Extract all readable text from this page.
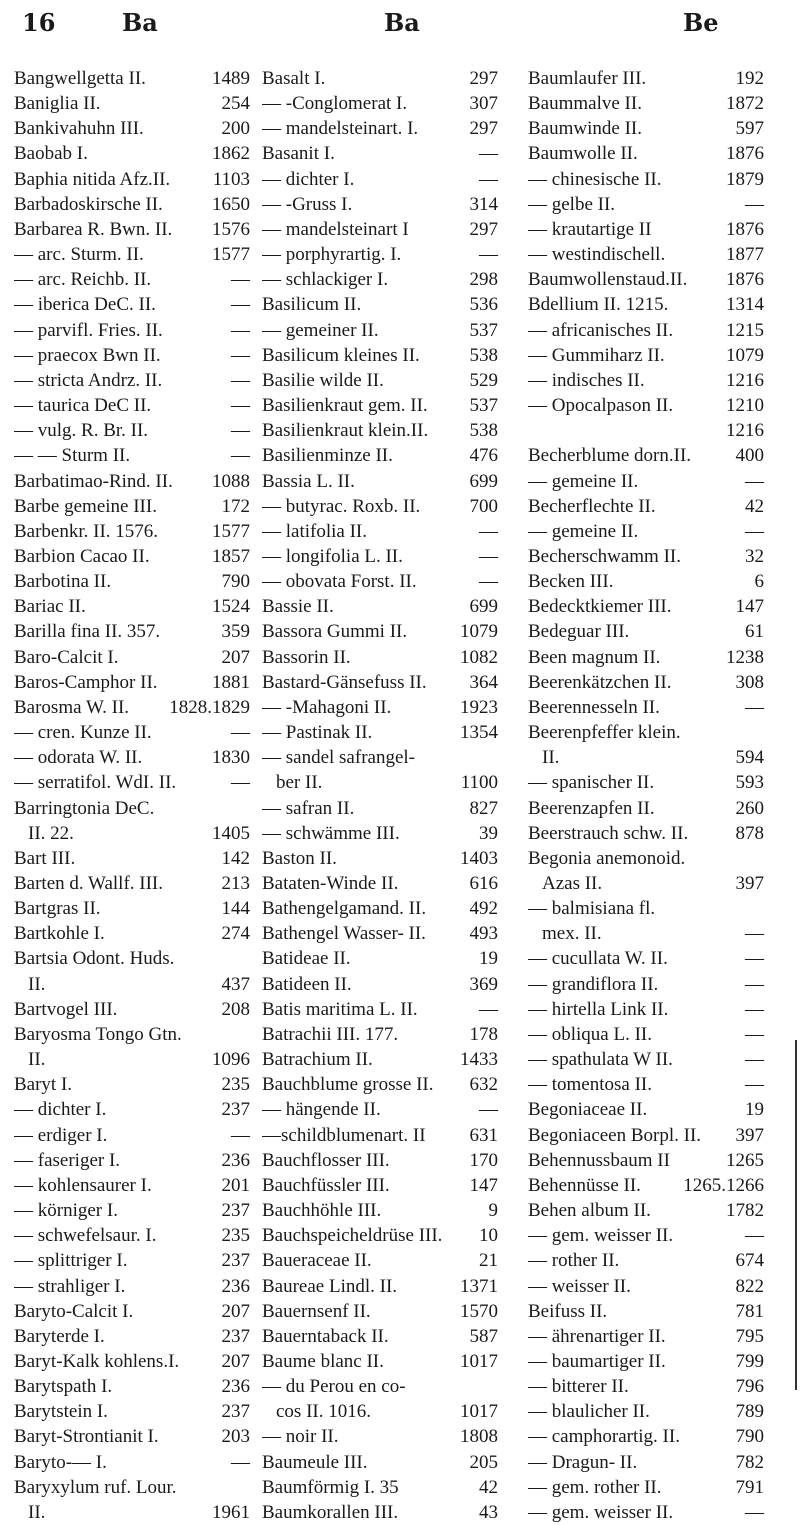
16	Ba	Ba	Be
Bangwellgetta II.	1489
Baniglia II.	254
Bankivahuhn III.	200
Baobab I.	1862
Baphia nitida Afz.II.	1103
Barbadoskirsche II.	1650
Barbarea R. Bwn. II.	1576
— arc. Sturm. II.	1577
— arc. Reichb. II.	—
— iberica DeC. II.	—
— parvifl. Fries. II.	—
— praecox Bwn II.	—
— stricta Andrz. II.	—
— taurica DeC II.	—
— vulg. R. Br. II.	—
— — Sturm II.	—
Barbatimao-Rind. II.	1088
Barbe gemeine III.	172
Barbenkr. II. 1576.	1577
Barbion Cacao II.	1857
Barbotina II.	790
Bariac II.	1524
Barilla fina II. 357.	359
Baro-Calcit I.	207
Baros-Camphor II.	1881
Barosma W. II.	1828.1829
— cren. Kunze II.	—
— odorata W. II.	1830
— serratifol. WdI. II.	—
Barringtonia DeC.
II. 22.	1405
Bart III.	142
Barten d. Wallf. III.	213
Bartgras II.	144
Bartkohle I.	274
Bartsia Odont. Huds.
II.	437
Bartvogel III.	208
Baryosma Tongo Gtn.
II.	1096
Baryt I.	235
— dichter I.	237
— erdiger I.	—
— faseriger I.	236
— kohlensaurer I.	201
— körniger I.	237
— schwefelsaur. I.	235
— splittriger I.	237
— strahliger I.	236
Baryto-Calcit I.	207
Baryterde I.	237
Baryt-Kalk kohlens.I.	207
Barytspath I.	236
Barytstein I.	237
Baryt-Strontianit I.	203
Baryto-— I.	—
Baryxylum ruf. Lour.
II.	1961
Basalt I.	297
— -Conglomerat I.	307
— mandelsteinart. I.	297
Basanit I.	—
— dichter I.	—
— -Gruss I.	314
— mandelsteinart I	297
— porphyrartig. I.	—
— schlackiger I.	298
Basilicum II.	536
— gemeiner II.	537
Basilicum kleines II.	538
Basilie wilde II.	529
Basilienkraut gem. II.	537
Basilienkraut klein.II.	538
Basilienminze II.	476
Bassia L. II.	699
— butyrac. Roxb. II.	700
— latifolia II.	—
— longifolia L. II.	—
— obovata Forst. II.	—
Bassie II.	699
Bassora Gummi II.	1079
Bassorin II.	1082
Bastard-Gänsefuss II.	364
— -Mahagoni II.	1923
— Pastinak II.	1354
— sandel safrangel-
ber II.	1100
— safran II.	827
— schwämme III.	39
Baston II.	1403
Bataten-Winde II.	616
Bathengelgamand. II.	492
Bathengel Wasser- II.	493
Batideae II.	19
Batideen II.	369
Batis maritima L. II.	—
Batrachii III. 177.	178
Batrachium II.	1433
Bauchblume grosse II.	632
— hängende II.	—
—schildblumenart. II	631
Bauchflosser III.	170
Bauchfüssler III.	147
Bauchhöhle III.	9
Bauchspeicheldrüse III.	10
Baueraceae II.	21
Baureae Lindl. II.	1371
Bauernsenf II.	1570
Bauerntaback II.	587
Baume blanc II.	1017
— du Perou en co-
cos II. 1016.	1017
— noir II.	1808
Baumeule III.	205
Baumförmig I. 35	42
Baumkorallen III.	43
Baumlaufer III.	192
Baummalve II.	1872
Baumwinde II.	597
Baumwolle II.	1876
— chinesische II.	1879
— gelbe II.	—
— krautartige II	1876
— westindischell.	1877
Baumwollenstaud.II.	1876
Bdellium II. 1215.	1314
— africanisches II.	1215
— Gummiharz II.	1079
— indisches II.	1216
— Opocalpason II.	1210
1216
Becherblume dorn.II.	400
— gemeine II.	—
Becherflechte II.	42
— gemeine II.	—
Becherschwamm II.	32
Becken III.	6
Bedecktkiemer III.	147
Bedeguar III.	61
Been magnum II.	1238
Beerenkätzchen II.	308
Beerennesseln II.	—
Beerenpfeffer klein.
II.	594
— spanischer II.	593
Beerenzapfen II.	260
Beerstrauch schw. II.	878
Begonia anemonoid.
Azas II.	397
— balmisiana fl.
mex. II.	—
— cucullata W. II.	—
— grandiflora II.	—
— hirtella Link II.	—
— obliqua L. II.	—
— spathulata W II.	—
— tomentosa II.	—
Begoniaceae II.	19
Begoniaceen Borpl. II.	397
Behennussbaum II	1265
Behennüsse II.	1265.1266
Behen album II.	1782
— gem. weisser II.	—
— rother II.	674
— weisser II.	822
Beifuss II.	781
— ährenartiger II.	795
— baumartiger II.	799
— bitterer II.	796
— blaulicher II.	789
— camphorartig. II.	790
— Dragun- II.	782
— gem. rother II.	791
— gem. weisser II.	—
